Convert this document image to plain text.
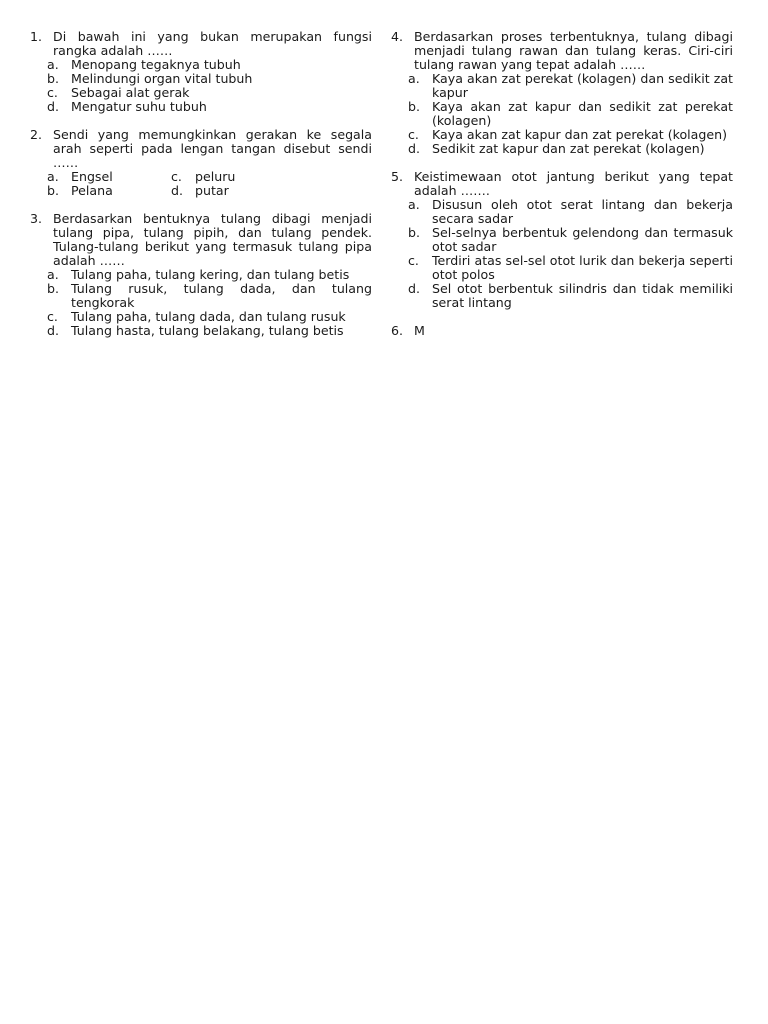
1. Di bawah ini yang bukan merupakan fungsi rangka adalah ……
a. Menopang tegaknya tubuh
b. Melindungi organ vital tubuh
c.	Sebagai alat gerak
d. Mengatur suhu tubuh
2. Sendi yang memungkinkan gerakan ke segala arah seperti pada lengan tangan disebut sendi ……
a. Engsel	c.	peluru
b. Pelana	d. putar
3. Berdasarkan bentuknya tulang dibagi menjadi tulang pipa, tulang pipih, dan tulang pendek. Tulang-tulang berikut yang termasuk tulang pipa adalah ……
a. Tulang paha, tulang kering, dan tulang betis
b. Tulang rusuk, tulang dada, dan tulang tengkorak
c.	Tulang paha, tulang dada, dan tulang rusuk
d. Tulang hasta, tulang belakang, tulang betis
4. Berdasarkan proses terbentuknya, tulang dibagi menjadi tulang rawan dan tulang keras. Ciri-ciri tulang rawan yang tepat adalah ……
a. Kaya akan zat perekat (kolagen) dan sedikit zat kapur
b. Kaya akan zat kapur dan sedikit zat perekat (kolagen)
c.	Kaya akan zat kapur dan zat perekat (kolagen)
d. Sedikit zat kapur dan zat perekat (kolagen)
5. Keistimewaan otot jantung berikut yang tepat adalah …….
a. Disusun oleh otot serat lintang dan bekerja secara sadar
b. Sel-selnya berbentuk gelendong dan termasuk otot sadar
c.	Terdiri atas sel-sel otot lurik dan bekerja seperti otot polos
d. Sel otot berbentuk silindris dan tidak memiliki serat lintang
6. M
